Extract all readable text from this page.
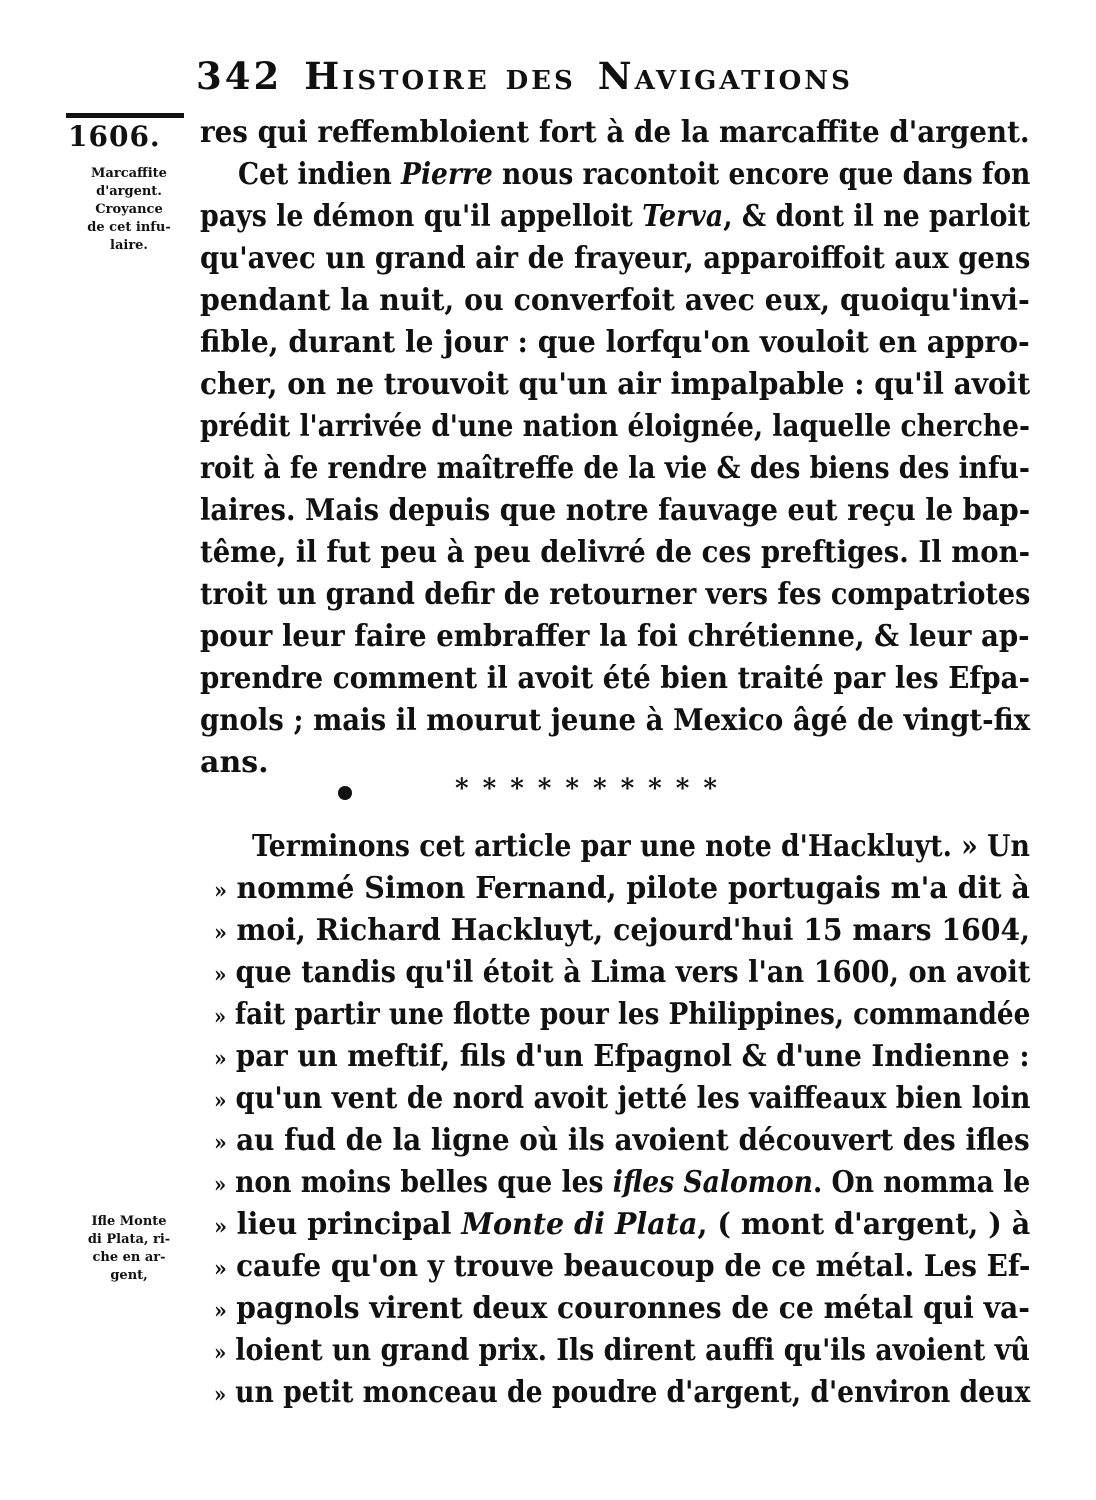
342 Histoire des Navigations
1606.
Marcaffite
d'argent.
Croyance
de cet infu-
laire.
Ifle Monte
di Plata, ri-
che en ar-
gent,
res qui reffembloient fort à de la marcaffite d'argent.
Cet indien Pierre nous racontoit encore que dans fon
pays le démon qu'il appelloit Terva, & dont il ne parloit
qu'avec un grand air de frayeur, apparoiffoit aux gens
pendant la nuit, ou converfoit avec eux, quoiqu'invi-
fible, durant le jour : que lorfqu'on vouloit en appro-
cher, on ne trouvoit qu'un air impalpable : qu'il avoit
prédit l'arrivée d'une nation éloignée, laquelle cherche-
roit à fe rendre maîtreffe de la vie & des biens des infu-
laires. Mais depuis que notre fauvage eut reçu le bap-
tême, il fut peu à peu delivré de ces preftiges. Il mon-
troit un grand defir de retourner vers fes compatriotes
pour leur faire embraffer la foi chrétienne, & leur ap-
prendre comment il avoit été bien traité par les Efpa-
gnols ; mais il mourut jeune à Mexico âgé de vingt-fix
ans.
**********
Terminons cet article par une note d'Hackluyt. » Un
» nommé Simon Fernand, pilote portugais m'a dit à
» moi, Richard Hackluyt, cejourd'hui 15 mars 1604,
» que tandis qu'il étoit à Lima vers l'an 1600, on avoit
» fait partir une flotte pour les Philippines, commandée
» par un meftif, fils d'un Efpagnol & d'une Indienne :
» qu'un vent de nord avoit jetté les vaiffeaux bien loin
» au fud de la ligne où ils avoient découvert des ifles
» non moins belles que les ifles Salomon. On nomma le
» lieu principal Monte di Plata, ( mont d'argent, ) à
» caufe qu'on y trouve beaucoup de ce métal. Les Ef-
» pagnols virent deux couronnes de ce métal qui va-
» loient un grand prix. Ils dirent auffi qu'ils avoient vû
» un petit monceau de poudre d'argent, d'environ deux
